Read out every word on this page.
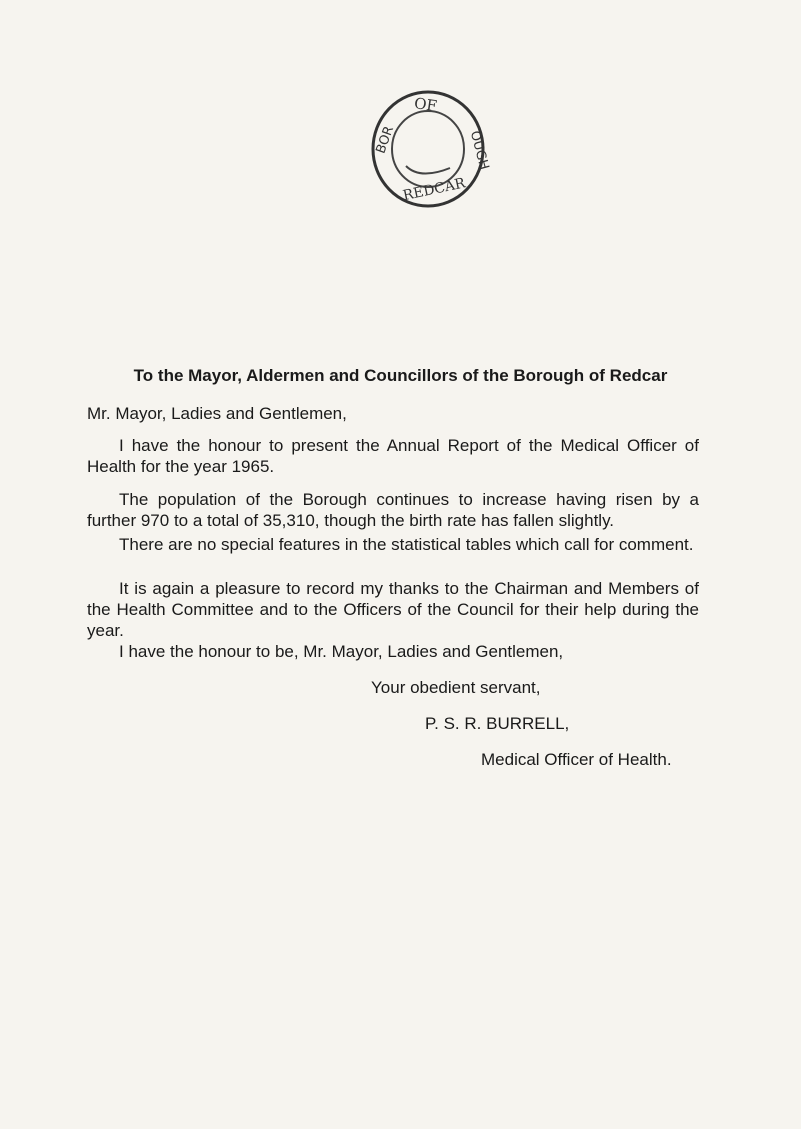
OF
REDCAR
BOR	OUGH
To the Mayor, Aldermen and Councillors of the Borough of Redcar

Mr. Mayor, Ladies and Gentlemen,

I have the honour to present the Annual Report of the Medical Officer of Health for the year 1965.

The population of the Borough continues to increase having risen by a further 970 to a total of 35,310, though the birth rate has fallen slightly.

There are no special features in the statistical tables which call for comment.

It is again a pleasure to record my thanks to the Chairman and Members of the Health Committee and to the Officers of the Council for their help during the year.

I have the honour to be, Mr. Mayor, Ladies and Gentlemen,

Your obedient servant,

P. S. R. BURRELL,

Medical Officer of Health.
